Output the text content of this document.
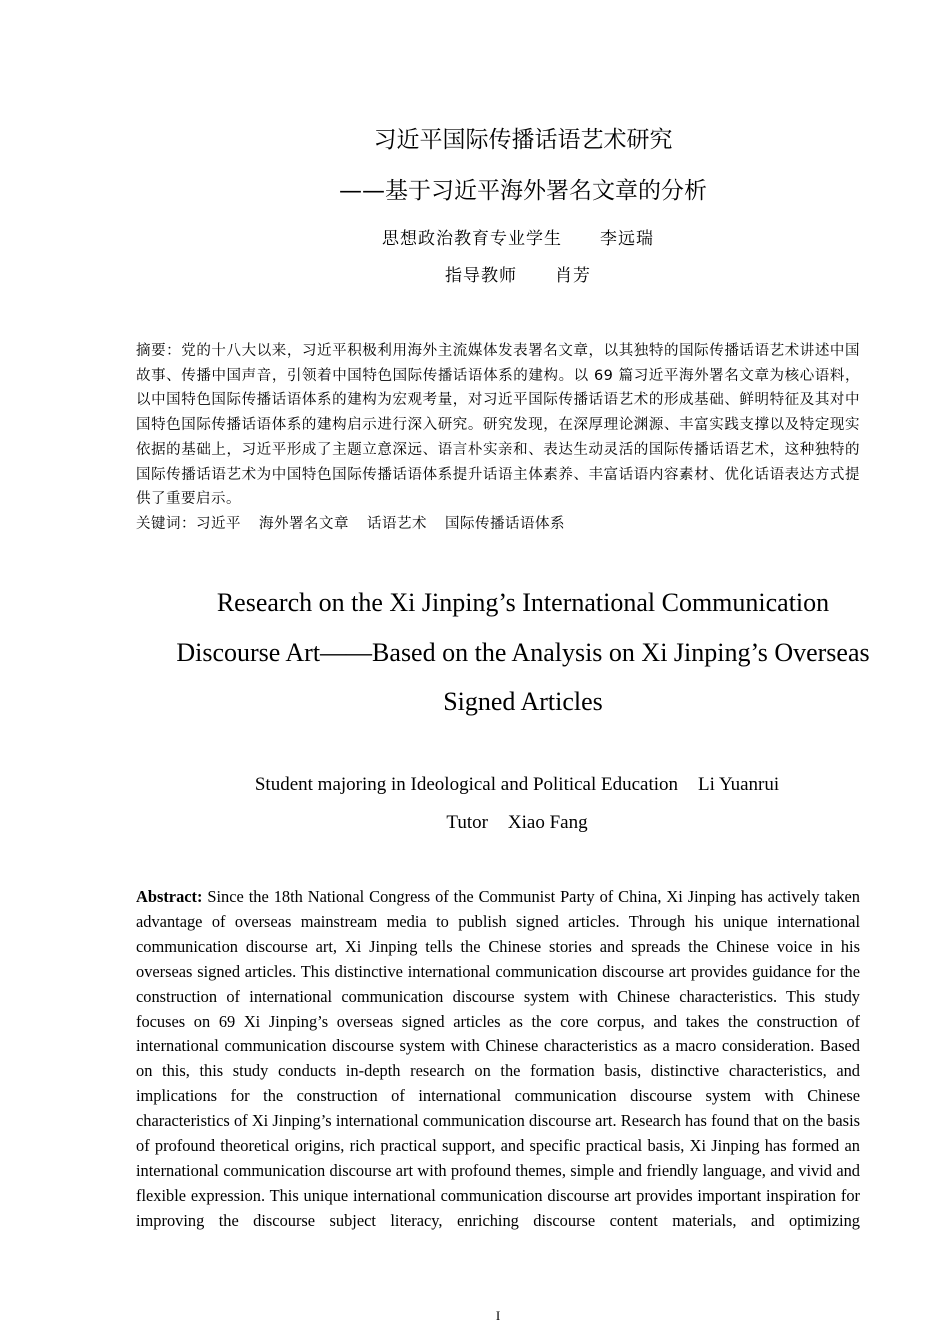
习近平国际传播话语艺术研究
——基于习近平海外署名文章的分析
思想政治教育专业学生 李远瑞
指导教师 肖芳
摘要：党的十八大以来，习近平积极利用海外主流媒体发表署名文章，以其独特的国际传播话语艺术讲述中国故事、传播中国声音，引领着中国特色国际传播话语体系的建构。以 69 篇习近平海外署名文章为核心语料，以中国特色国际传播话语体系的建构为宏观考量，对习近平国际传播话语艺术的形成基础、鲜明特征及其对中国特色国际传播话语体系的建构启示进行深入研究。研究发现，在深厚理论渊源、丰富实践支撑以及特定现实依据的基础上，习近平形成了主题立意深远、语言朴实亲和、表达生动灵活的国际传播话语艺术，这种独特的国际传播话语艺术为中国特色国际传播话语体系提升话语主体素养、丰富话语内容素材、优化话语表达方式提供了重要启示。
关键词：习近平 海外署名文章 话语艺术 国际传播话语体系
Research on the Xi Jinping’s International Communication Discourse Art——Based on the Analysis on Xi Jinping’s Overseas Signed Articles
Student majoring in Ideological and Political Education Li Yuanrui
Tutor Xiao Fang
Abstract: Since the 18th National Congress of the Communist Party of China, Xi Jinping has actively taken advantage of overseas mainstream media to publish signed articles. Through his unique international communication discourse art, Xi Jinping tells the Chinese stories and spreads the Chinese voice in his overseas signed articles. This distinctive international communication discourse art provides guidance for the construction of international communication discourse system with Chinese characteristics. This study focuses on 69 Xi Jinping’s overseas signed articles as the core corpus, and takes the construction of international communication discourse system with Chinese characteristics as a macro consideration. Based on this, this study conducts in-depth research on the formation basis, distinctive characteristics, and implications for the construction of international communication discourse system with Chinese characteristics of Xi Jinping’s international communication discourse art. Research has found that on the basis of profound theoretical origins, rich practical support, and specific practical basis, Xi Jinping has formed an international communication discourse art with profound themes, simple and friendly language, and vivid and flexible expression. This unique international communication discourse art provides important inspiration for improving the discourse subject literacy, enriching discourse content materials, and optimizing
I
